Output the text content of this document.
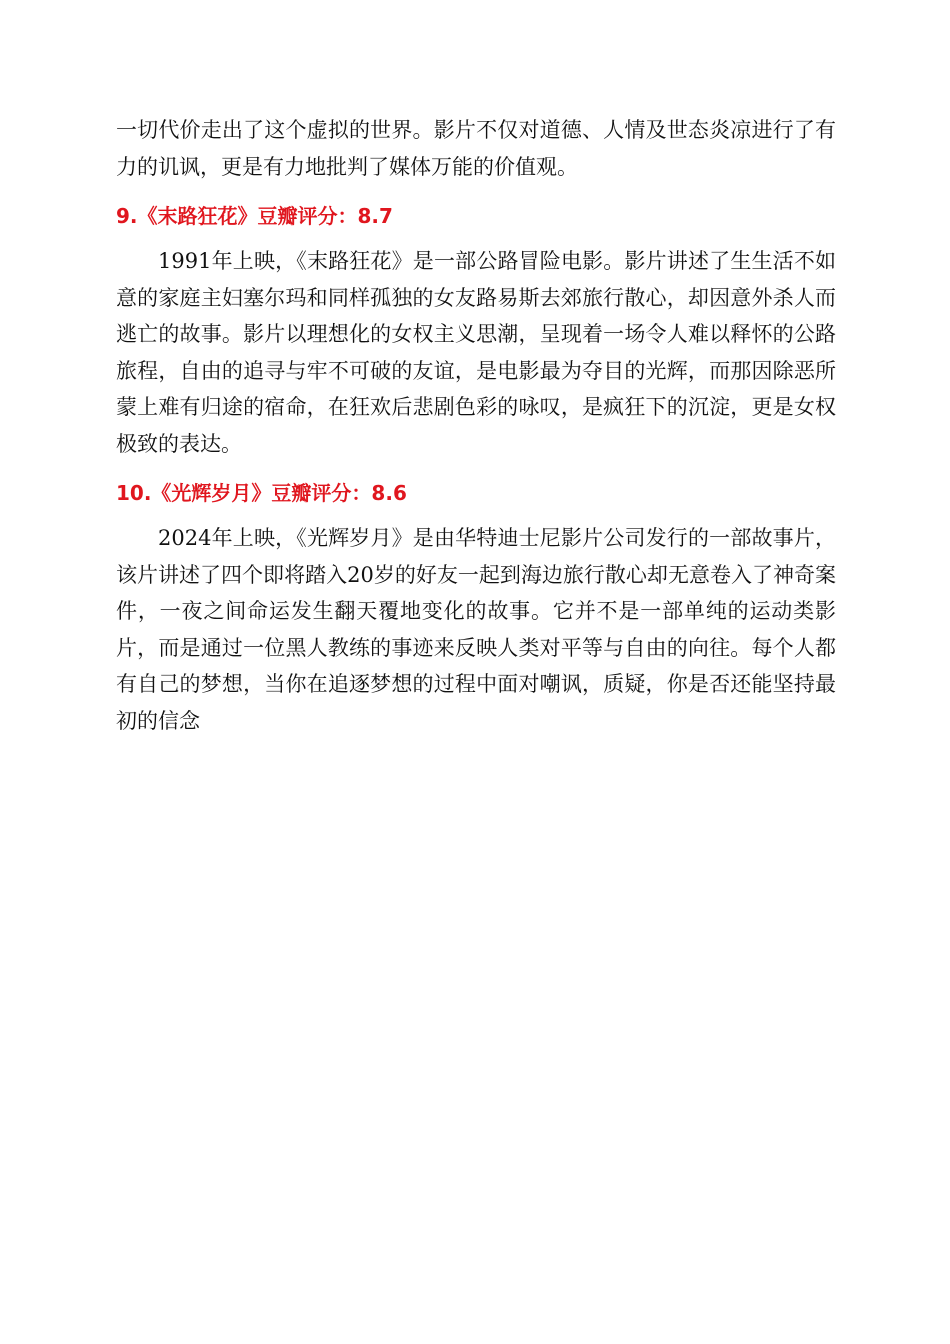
一切代价走出了这个虚拟的世界。影片不仅对道德、人情及世态炎凉进行了有力的讥讽，更是有力地批判了媒体万能的价值观。

9.《末路狂花》豆瓣评分：8.7

1991年上映，《末路狂花》是一部公路冒险电影。影片讲述了生生活不如意的家庭主妇塞尔玛和同样孤独的女友路易斯去郊旅行散心，却因意外杀人而逃亡的故事。影片以理想化的女权主义思潮，呈现着一场令人难以释怀的公路旅程，自由的追寻与牢不可破的友谊，是电影最为夺目的光辉，而那因除恶所蒙上难有归途的宿命，在狂欢后悲剧色彩的咏叹，是疯狂下的沉淀，更是女权极致的表达。

10.《光辉岁月》豆瓣评分：8.6

2024年上映，《光辉岁月》是由华特迪士尼影片公司发行的一部故事片，该片讲述了四个即将踏入20岁的好友一起到海边旅行散心却无意卷入了神奇案件，一夜之间命运发生翻天覆地变化的故事。它并不是一部单纯的运动类影片，而是通过一位黑人教练的事迹来反映人类对平等与自由的向往。每个人都有自己的梦想，当你在追逐梦想的过程中面对嘲讽，质疑，你是否还能坚持最初的信念
